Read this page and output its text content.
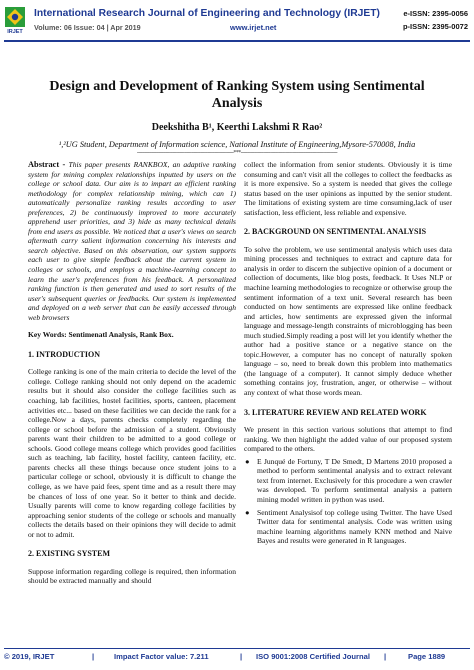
IRJET
International Research Journal of Engineering and Technology (IRJET)
Volume: 06 Issue: 04 | Apr 2019	www.irjet.net
e-ISSN: 2395-0056
p-ISSN: 2395-0072
Design and Development of Ranking System using Sentimental Analysis
Deekshitha B¹, Keerthi Lakshmi R Rao²
¹,²UG Student, Department of Information science, National Institute of Engineering,Mysore-570008, India
---------------------------------------------------------------------***---------------------------------------------------------------------

Abstract - This paper presents RANKBOX, an adaptive ranking system for mining complex relationships inputted by users on the college or school data. Our aim is to impart an efficient ranking methodology for complex relationship mining, which can 1) automatically personalize ranking results according to user preferences, 2) be continuously improved to more accurately apprehend user priorities, and 3) hide as many technical details from end users as possible. We noticed that a user's views on search aftermath carry salient information concerning his interests and search objective. Based on this observation, our system supports each user to give simple feedback about the current system in colleges or schools, and employs a machine-learning concept to learn the user's preferences from his feedback. A personalized ranking function is then generated and used to sort results of the user's subsequent queries or feedbacks. Our system is implemented and deployed on a web server that can be easily accessed through web browsers

Key Words: Sentimenatl Analysis, Rank Box.

1. INTRODUCTION

College ranking is one of the main criteria to decide the level of the college. College ranking should not only depend on the academic results but it should also consider the college facilities such as coaching, lab facilities, hostel facilities, sports, canteen, placement activities etc... based on these facilities we can decide the rank for a college.Now a days, parents checks completely regarding the college or school before the admission of a student. Obviously parents want their children to be admitted to a good college or schools. Good college means college which provides good facilities such as teaching, lab facility, hostel facility, canteen facility, etc. parents checks all these things because once student joins to a particular college or school, obviously it is difficult to change the college, as we have paid fees, spent time and as a result there may be chances of loss of one year. So it better to think and decide. Usually parents will come to know regarding college facilities by approaching senior students of the college or schools and manually collects the details based on their opinions they will decide to admit or not to admit.

2. EXISTING SYSTEM

Suppose information regarding college is required, then information should be extracted manually and should

collect the information from senior students. Obviously it is time consuming and can't visit all the colleges to collect the feedbacks as it is more expensive. So a system is needed that gives the college status based on the user opinions as inputted by the senior student. The limitations of existing system are time consuming,lack of user satisfaction, less efficient, less reliable and expensive.

2. BACKGROUND ON SENTIMENTAL ANALYSIS

To solve the problem, we use sentimental analysis which uses data mining processes and techniques to extract and capture data for analysis in order to discern the subjective opinion of a document or collection of documents, like blog posts, feedback. It Uses NLP or machine learning methodologies to recognize or otherwise group the sentiment information of a text unit. Several research has been conducted on how sentiments are expressed like online feedback and articles, how sentiments are expressed given the informal language and message-length constraints of microblogging has been much studied.Simply reading a post will let you identify whether the author had a positive stance or a negative stance on the topic.However, a computer has no concept of naturally spoken language – so, need to break down this problem into mathematics (the language of a computer). It cannot simply deduce whether something contains joy, frustration, anger, or otherwise – without any context of what those words mean.

3. LITERATURE REVIEW AND RELATED WORK

We present in this section various solutions that attempt to find ranking. We then highlight the added value of our proposed system compared to the others.

● E Junqué de Fortuny, T De Smedt, D Martens 2010 proposed a method to perform sentimental analysis and to extract relevant text from internet. Exclusively for this procedure a wen crawler was developed. To perform sentimental analysis a pattern mining model written in python was used.

● Sentiment Analysisof top college using Twitter. The have Used Twitter data for sentimental analysis. Code was written using machine learning algorithms namely KNN method and Naive Bayes and results were generated in R languages.

© 2019, IRJET	|	Impact Factor value: 7.211	| ISO 9001:2008 Certified Journal |	Page 1889
